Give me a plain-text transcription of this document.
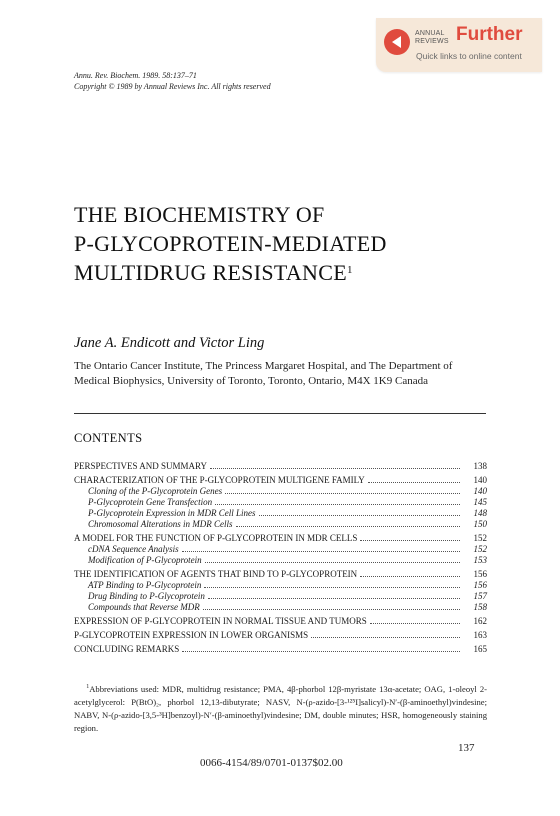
ANNUAL
REVIEWS Further
Quick links to online content
Annu. Rev. Biochem. 1989. 58:137–71
Copyright © 1989 by Annual Reviews Inc. All rights reserved
THE BIOCHEMISTRY OF
P-GLYCOPROTEIN-MEDIATED
MULTIDRUG RESISTANCE$^1$
Jane A. Endicott and Victor Ling
The Ontario Cancer Institute, The Princess Margaret Hospital, and The Department of
Medical Biophysics, University of Toronto, Toronto, Ontario, M4X 1K9 Canada
CONTENTS
PERSPECTIVES AND SUMMARY	138
CHARACTERIZATION OF THE P-GLYCOPROTEIN MULTIGENE FAMILY	140
Cloning of the P-Glycoprotein Genes	140
P-Glycoprotein Gene Transfection	145
P-Glycoprotein Expression in MDR Cell Lines	148
Chromosomal Alterations in MDR Cells	150
A MODEL FOR THE FUNCTION OF P-GLYCOPROTEIN IN MDR CELLS	152
cDNA Sequence Analysis	152
Modification of P-Glycoprotein	153
THE IDENTIFICATION OF AGENTS THAT BIND TO P-GLYCOPROTEIN	156
ATP Binding to P-Glycoprotein	156
Drug Binding to P-Glycoprotein	157
Compounds that Reverse MDR	158
EXPRESSION OF P-GLYCOPROTEIN IN NORMAL TISSUE AND TUMORS	162
P-GLYCOPROTEIN EXPRESSION IN LOWER ORGANISMS	163
CONCLUDING REMARKS	165
$^1$Abbreviations used: MDR, multidrug resistance; PMA, 4β-phorbol 12β-myristate 13α-acetate; OAG, 1-oleoyl 2-acetylglycerol: P(BtO)₂, phorbol 12,13-dibutyrate; NASV, N-(ρ-azido-[3-¹²⁵I]salicyl)-N′-(β-aminoethyl)vindesine; NABV, N-(ρ-azido-[3,5-³H]benzoyl)-N′-(β-aminoethyl)vindesine; DM, double minutes; HSR, homogeneously staining region.
137
0066-4154/89/0701-0137$02.00
